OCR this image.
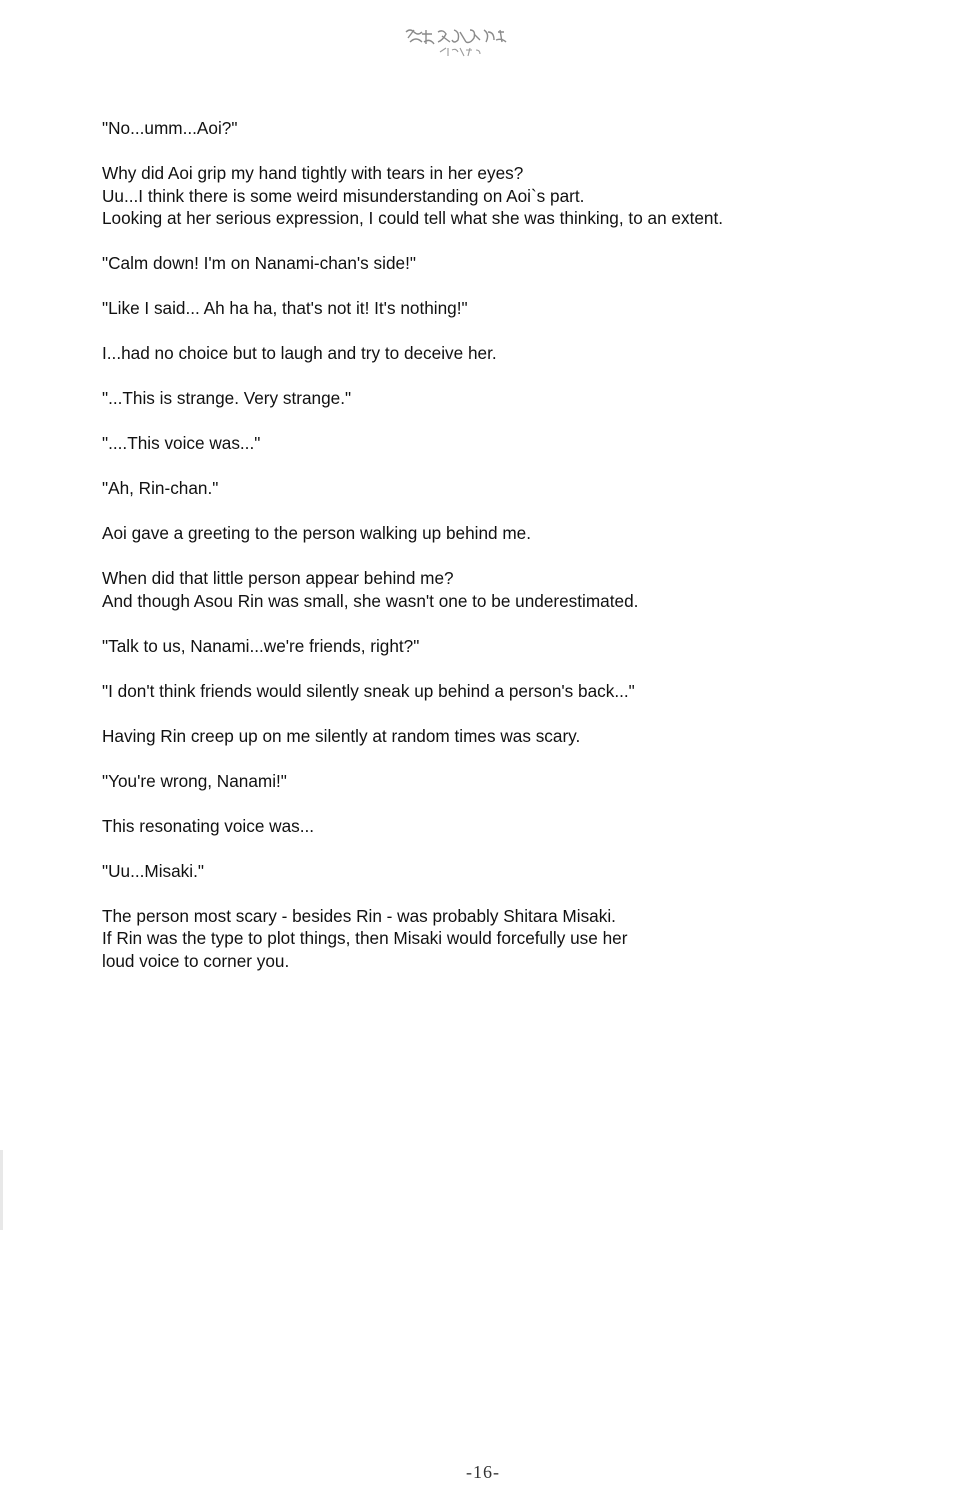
"No...umm...Aoi?"
Why did Aoi grip my hand tightly with tears in her eyes?
Uu...I think there is some weird misunderstanding on Aoi`s part.
Looking at her serious expression, I could tell what she was thinking, to an extent.
"Calm down! I'm on Nanami-chan's side!"
"Like I said... Ah ha ha, that's not it! It's nothing!"
I...had no choice but to laugh and try to deceive her.
"...This is strange. Very strange."
"....This voice was..."
"Ah, Rin-chan."
Aoi gave a greeting to the person walking up behind me.
When did that little person appear behind me?
And though Asou Rin was small, she wasn't one to be underestimated.
"Talk to us, Nanami...we're friends, right?"
"I don't think friends would silently sneak up behind a person's back..."
Having Rin creep up on me silently at random times was scary.
"You're wrong, Nanami!"
This resonating voice was...
"Uu...Misaki."
The person most scary - besides Rin - was probably Shitara Misaki.
If Rin was the type to plot things, then Misaki would forcefully use her
loud voice to corner you.
-16-
